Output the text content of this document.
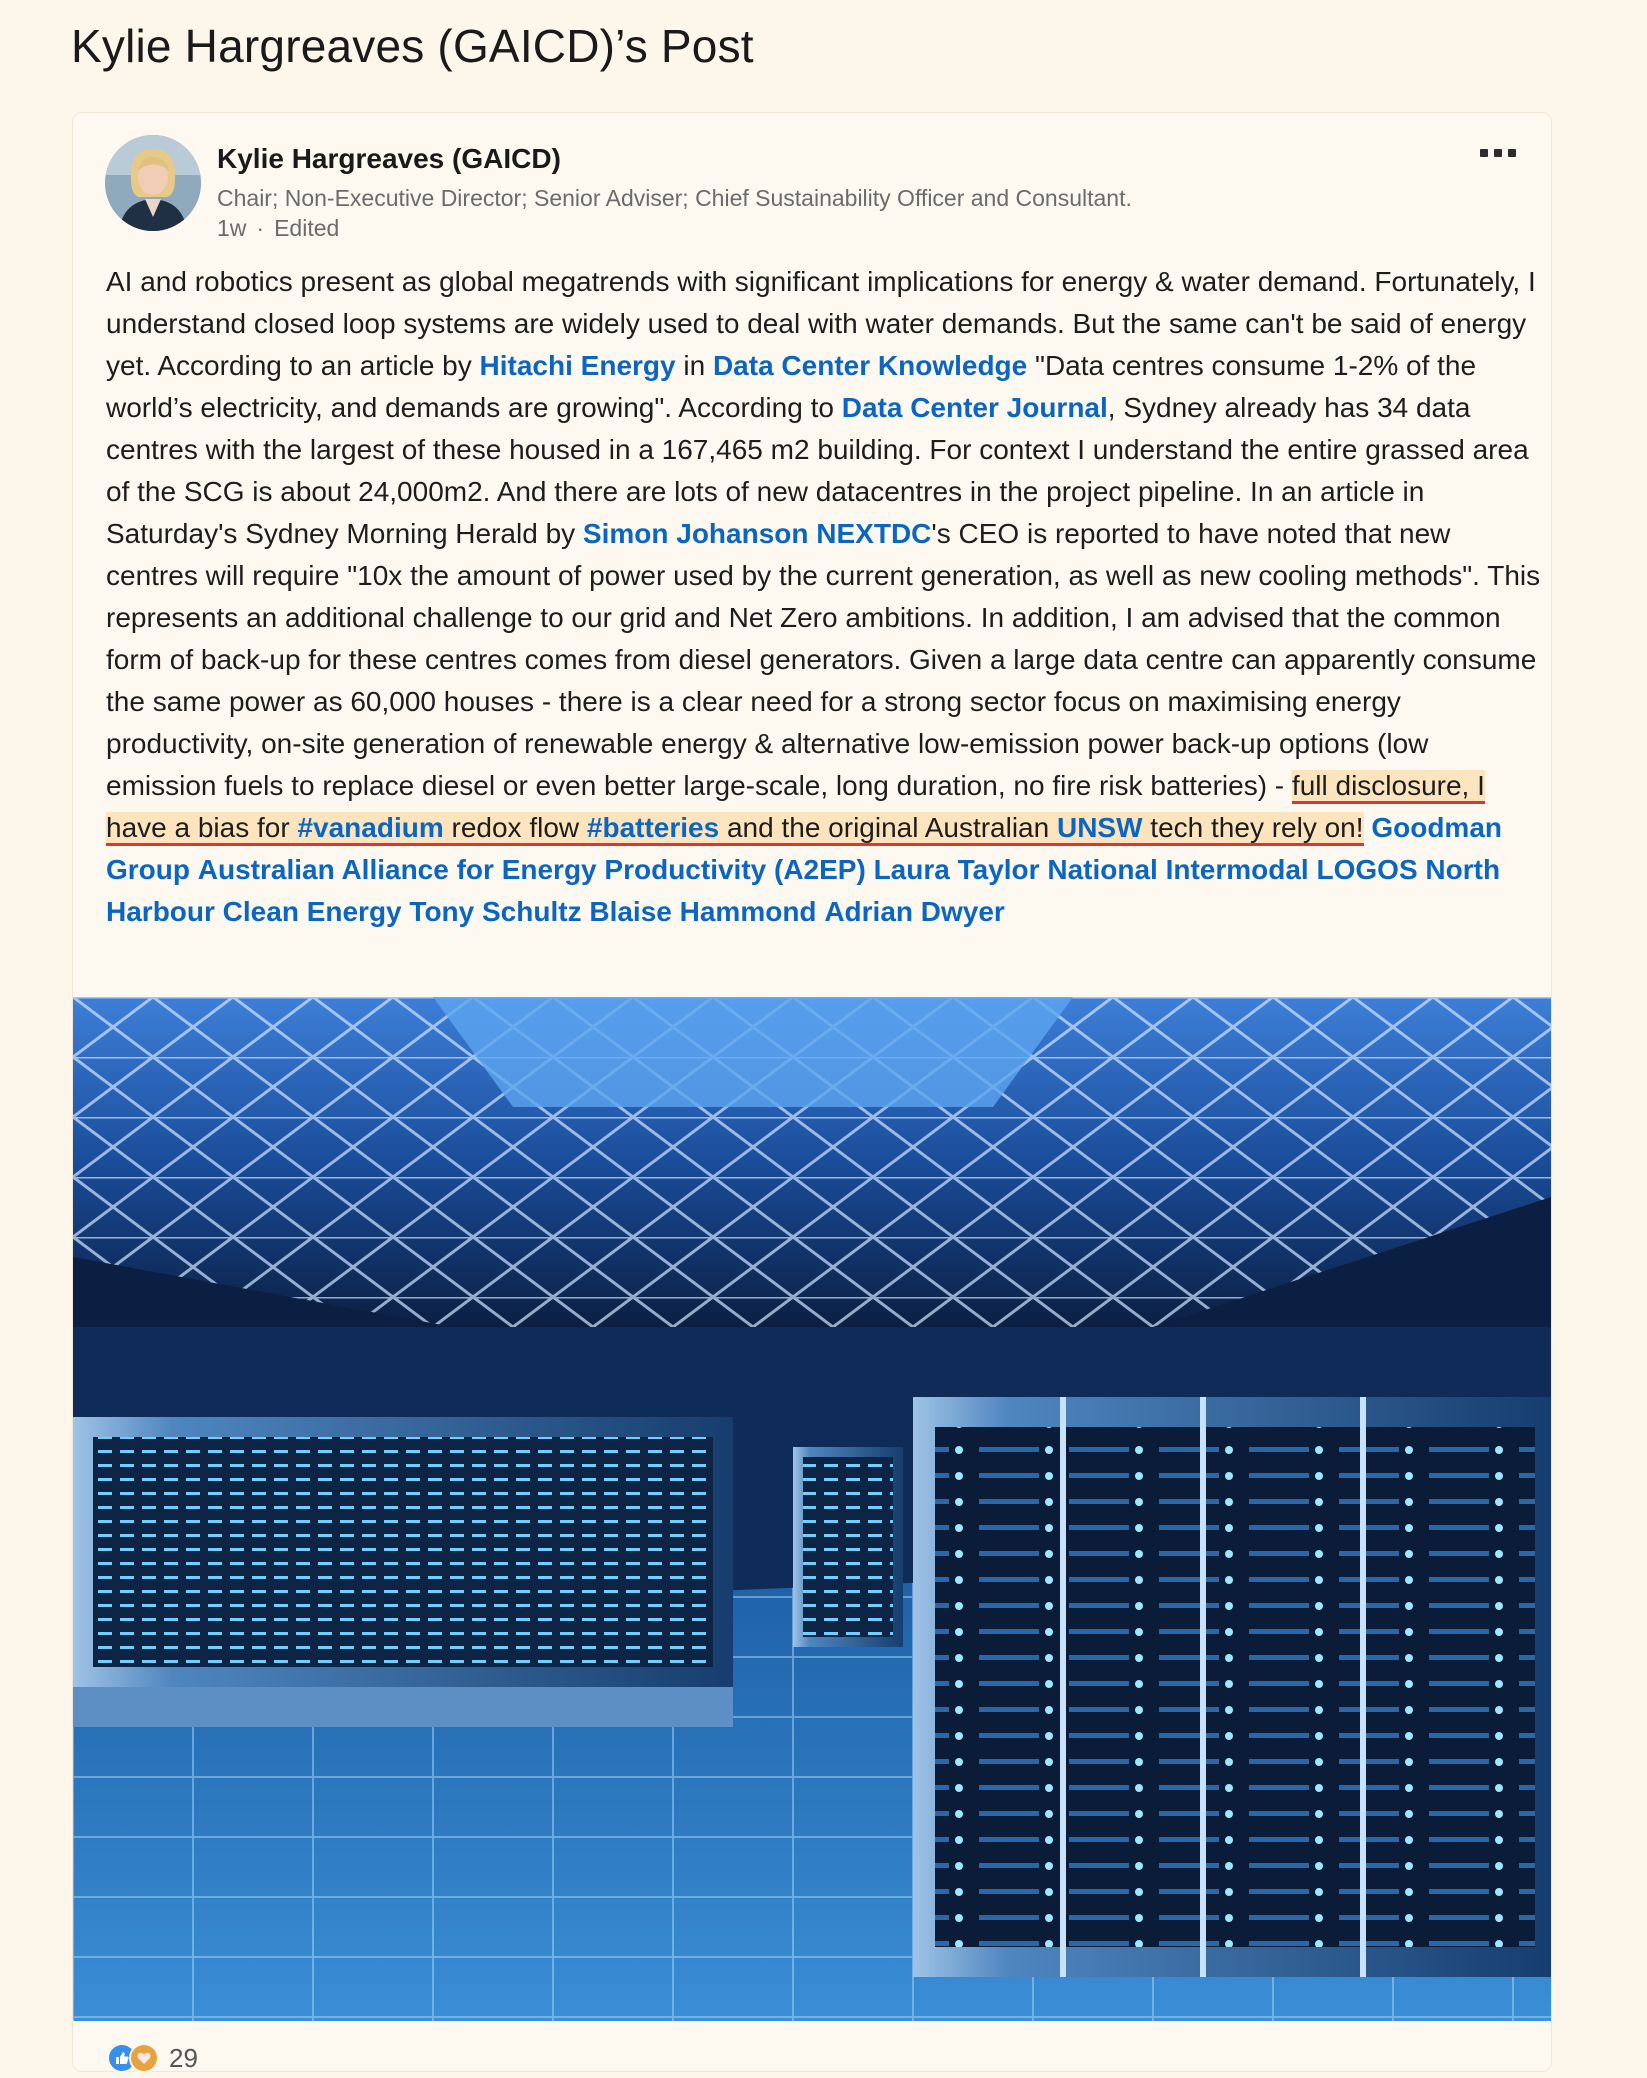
Kylie Hargreaves (GAICD)’s Post
Kylie Hargreaves (GAICD)
Chair; Non-Executive Director; Senior Adviser; Chief Sustainability Officer and Consultant.
1w · Edited

AI and robotics present as global megatrends with significant implications for energy & water demand. Fortunately, I understand closed loop systems are widely used to deal with water demands. But the same can't be said of energy yet. According to an article by Hitachi Energy in Data Center Knowledge "Data centres consume 1-2% of the world’s electricity, and demands are growing". According to Data Center Journal, Sydney already has 34 data centres with the largest of these housed in a 167,465 m2 building. For context I understand the entire grassed area of the SCG is about 24,000m2. And there are lots of new datacentres in the project pipeline. In an article in Saturday's Sydney Morning Herald by Simon Johanson NEXTDC's CEO is reported to have noted that new centres will require "10x the amount of power used by the current generation, as well as new cooling methods". This represents an additional challenge to our grid and Net Zero ambitions. In addition, I am advised that the common form of back-up for these centres comes from diesel generators. Given a large data centre can apparently consume the same power as 60,000 houses - there is a clear need for a strong sector focus on maximising energy productivity, on-site generation of renewable energy & alternative low-emission power back-up options (low emission fuels to replace diesel or even better large-scale, long duration, no fire risk batteries) - full disclosure, I have a bias for #vanadium redox flow #batteries and the original Australian UNSW tech they rely on! Goodman Group Australian Alliance for Energy Productivity (A2EP) Laura Taylor National Intermodal LOGOS North Harbour Clean Energy Tony Schultz Blaise Hammond Adrian Dwyer

29
